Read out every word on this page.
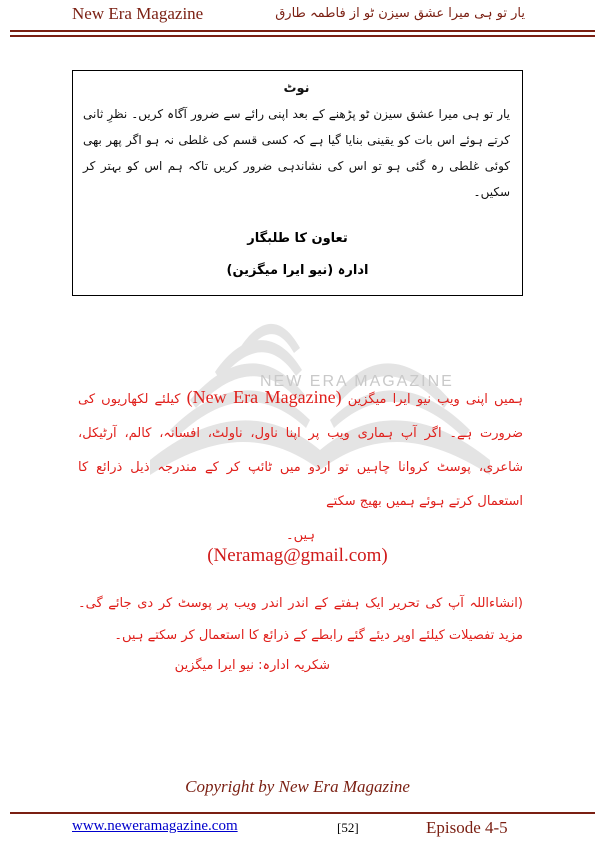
New Era Magazine	یار تو ہی میرا عشق سیزن ٹو از فاطمہ طارق
نوٹ
یار تو ہی میرا عشق سیزن ٹو پڑھنے کے بعد اپنی رائے سے ضرور آگاہ کریں۔ نظرِ ثانی کرتے ہوئے اس بات کو یقینی بنایا گیا ہے کہ کسی قسم کی غلطی نہ ہو اگر پھر بھی کوئی غلطی رہ گئی ہو تو اس کی نشاندہی ضرور کریں تاکہ ہم اس کو بہتر کر سکیں۔
تعاون کا طلبگار
ادارہ (نیو ایرا میگزین)
NEW ERA MAGAZINE
ہمیں اپنی ویب نیو ایرا میگزین (New Era Magazine) کیلئے لکھاریوں کی ضرورت ہے۔ اگر آپ ہماری ویب پر اپنا ناول، ناولٹ، افسانہ، کالم، آرٹیکل، شاعری، پوسٹ کروانا چاہیں تو اردو میں ٹائپ کر کے مندرجہ ذیل ذرائع کا استعمال کرتے ہوئے ہمیں بھیج سکتے
ہیں۔
(Neramag@gmail.com)
(انشاءاللہ آپ کی تحریر ایک ہفتے کے اندر اندر ویب پر پوسٹ کر دی جائے گی۔ مزید تفصیلات کیلئے اوپر دیئے گئے رابطے کے ذرائع کا استعمال کر سکتے ہیں۔
شکریہ ادارہ: نیو ایرا میگزین
Copyright by New Era Magazine
www.neweramagazine.com	[52]	Episode 4-5
